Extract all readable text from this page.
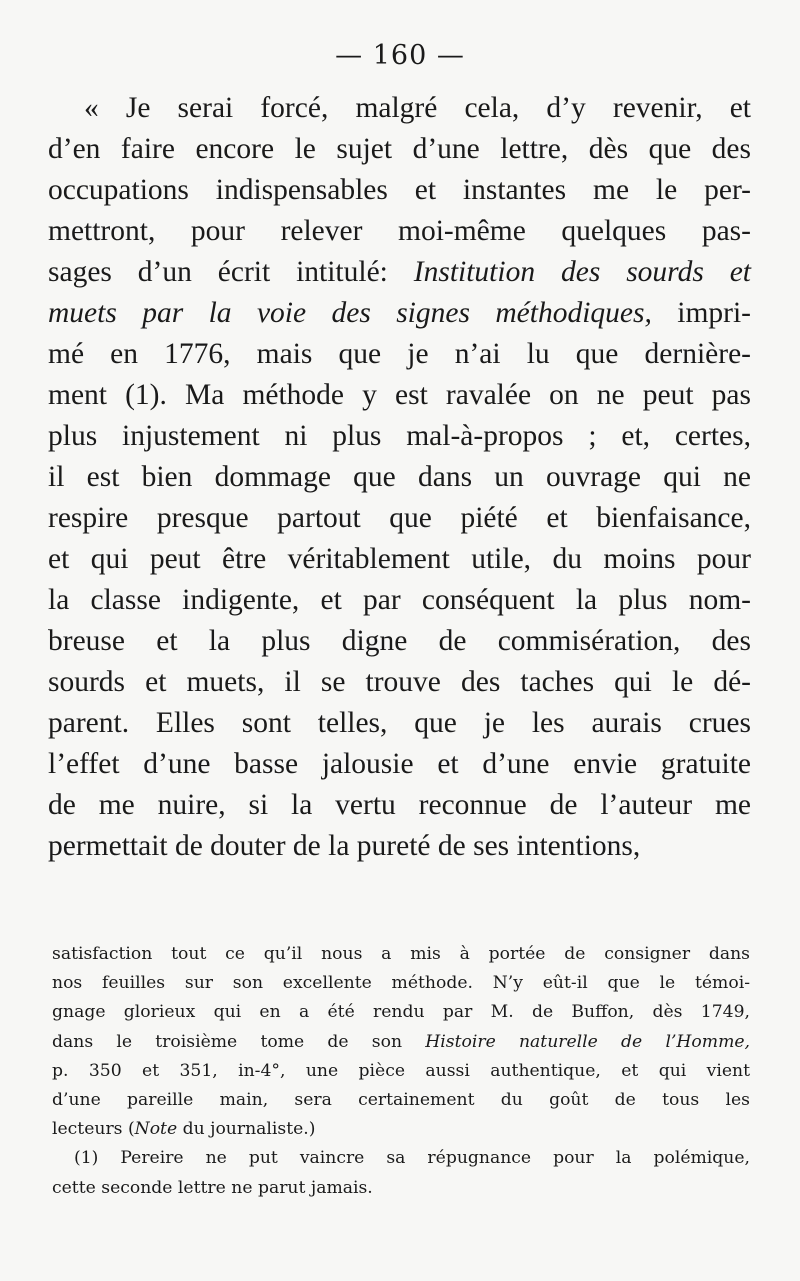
— 160 —
« Je serai forcé, malgré cela, d’y revenir, et
d’en faire encore le sujet d’une lettre, dès que des
occupations indispensables et instantes me le per-
mettront, pour relever moi-même quelques pas-
sages d’un écrit intitulé: Institution des sourds et
muets par la voie des signes méthodiques, impri-
mé en 1776, mais que je n’ai lu que dernière-
ment (1). Ma méthode y est ravalée on ne peut pas
plus injustement ni plus mal-à-propos ; et, certes,
il est bien dommage que dans un ouvrage qui ne
respire presque partout que piété et bienfaisance,
et qui peut être véritablement utile, du moins pour
la classe indigente, et par conséquent la plus nom-
breuse et la plus digne de commisération, des
sourds et muets, il se trouve des taches qui le dé-
parent. Elles sont telles, que je les aurais crues
l’effet d’une basse jalousie et d’une envie gratuite
de me nuire, si la vertu reconnue de l’auteur me
permettait de douter de la pureté de ses intentions,
satisfaction tout ce qu’il nous a mis à portée de consigner dans
nos feuilles sur son excellente méthode. N’y eût-il que le témoi-
gnage glorieux qui en a été rendu par M. de Buffon, dès 1749,
dans le troisième tome de son Histoire naturelle de l’Homme,
p. 350 et 351, in-4°, une pièce aussi authentique, et qui vient
d’une pareille main, sera certainement du goût de tous les
lecteurs (Note du journaliste.)
(1) Pereire ne put vaincre sa répugnance pour la polémique,
cette seconde lettre ne parut jamais.
